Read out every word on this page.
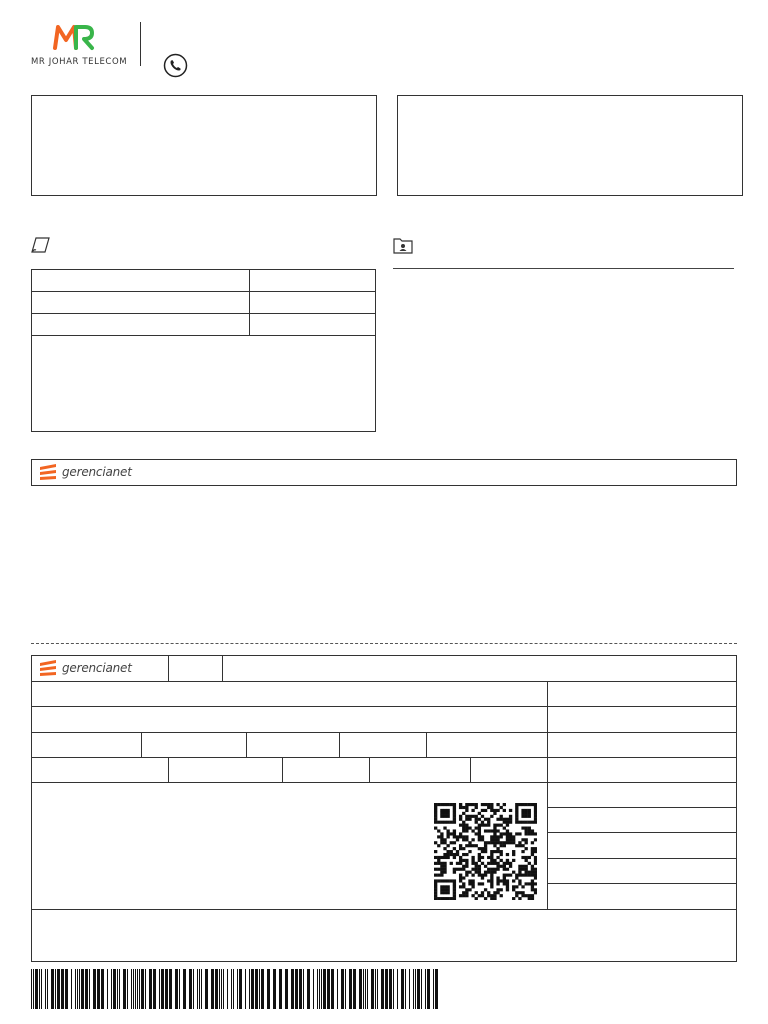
MR JOHAR TELECOM
gerencianet
gerencianet
